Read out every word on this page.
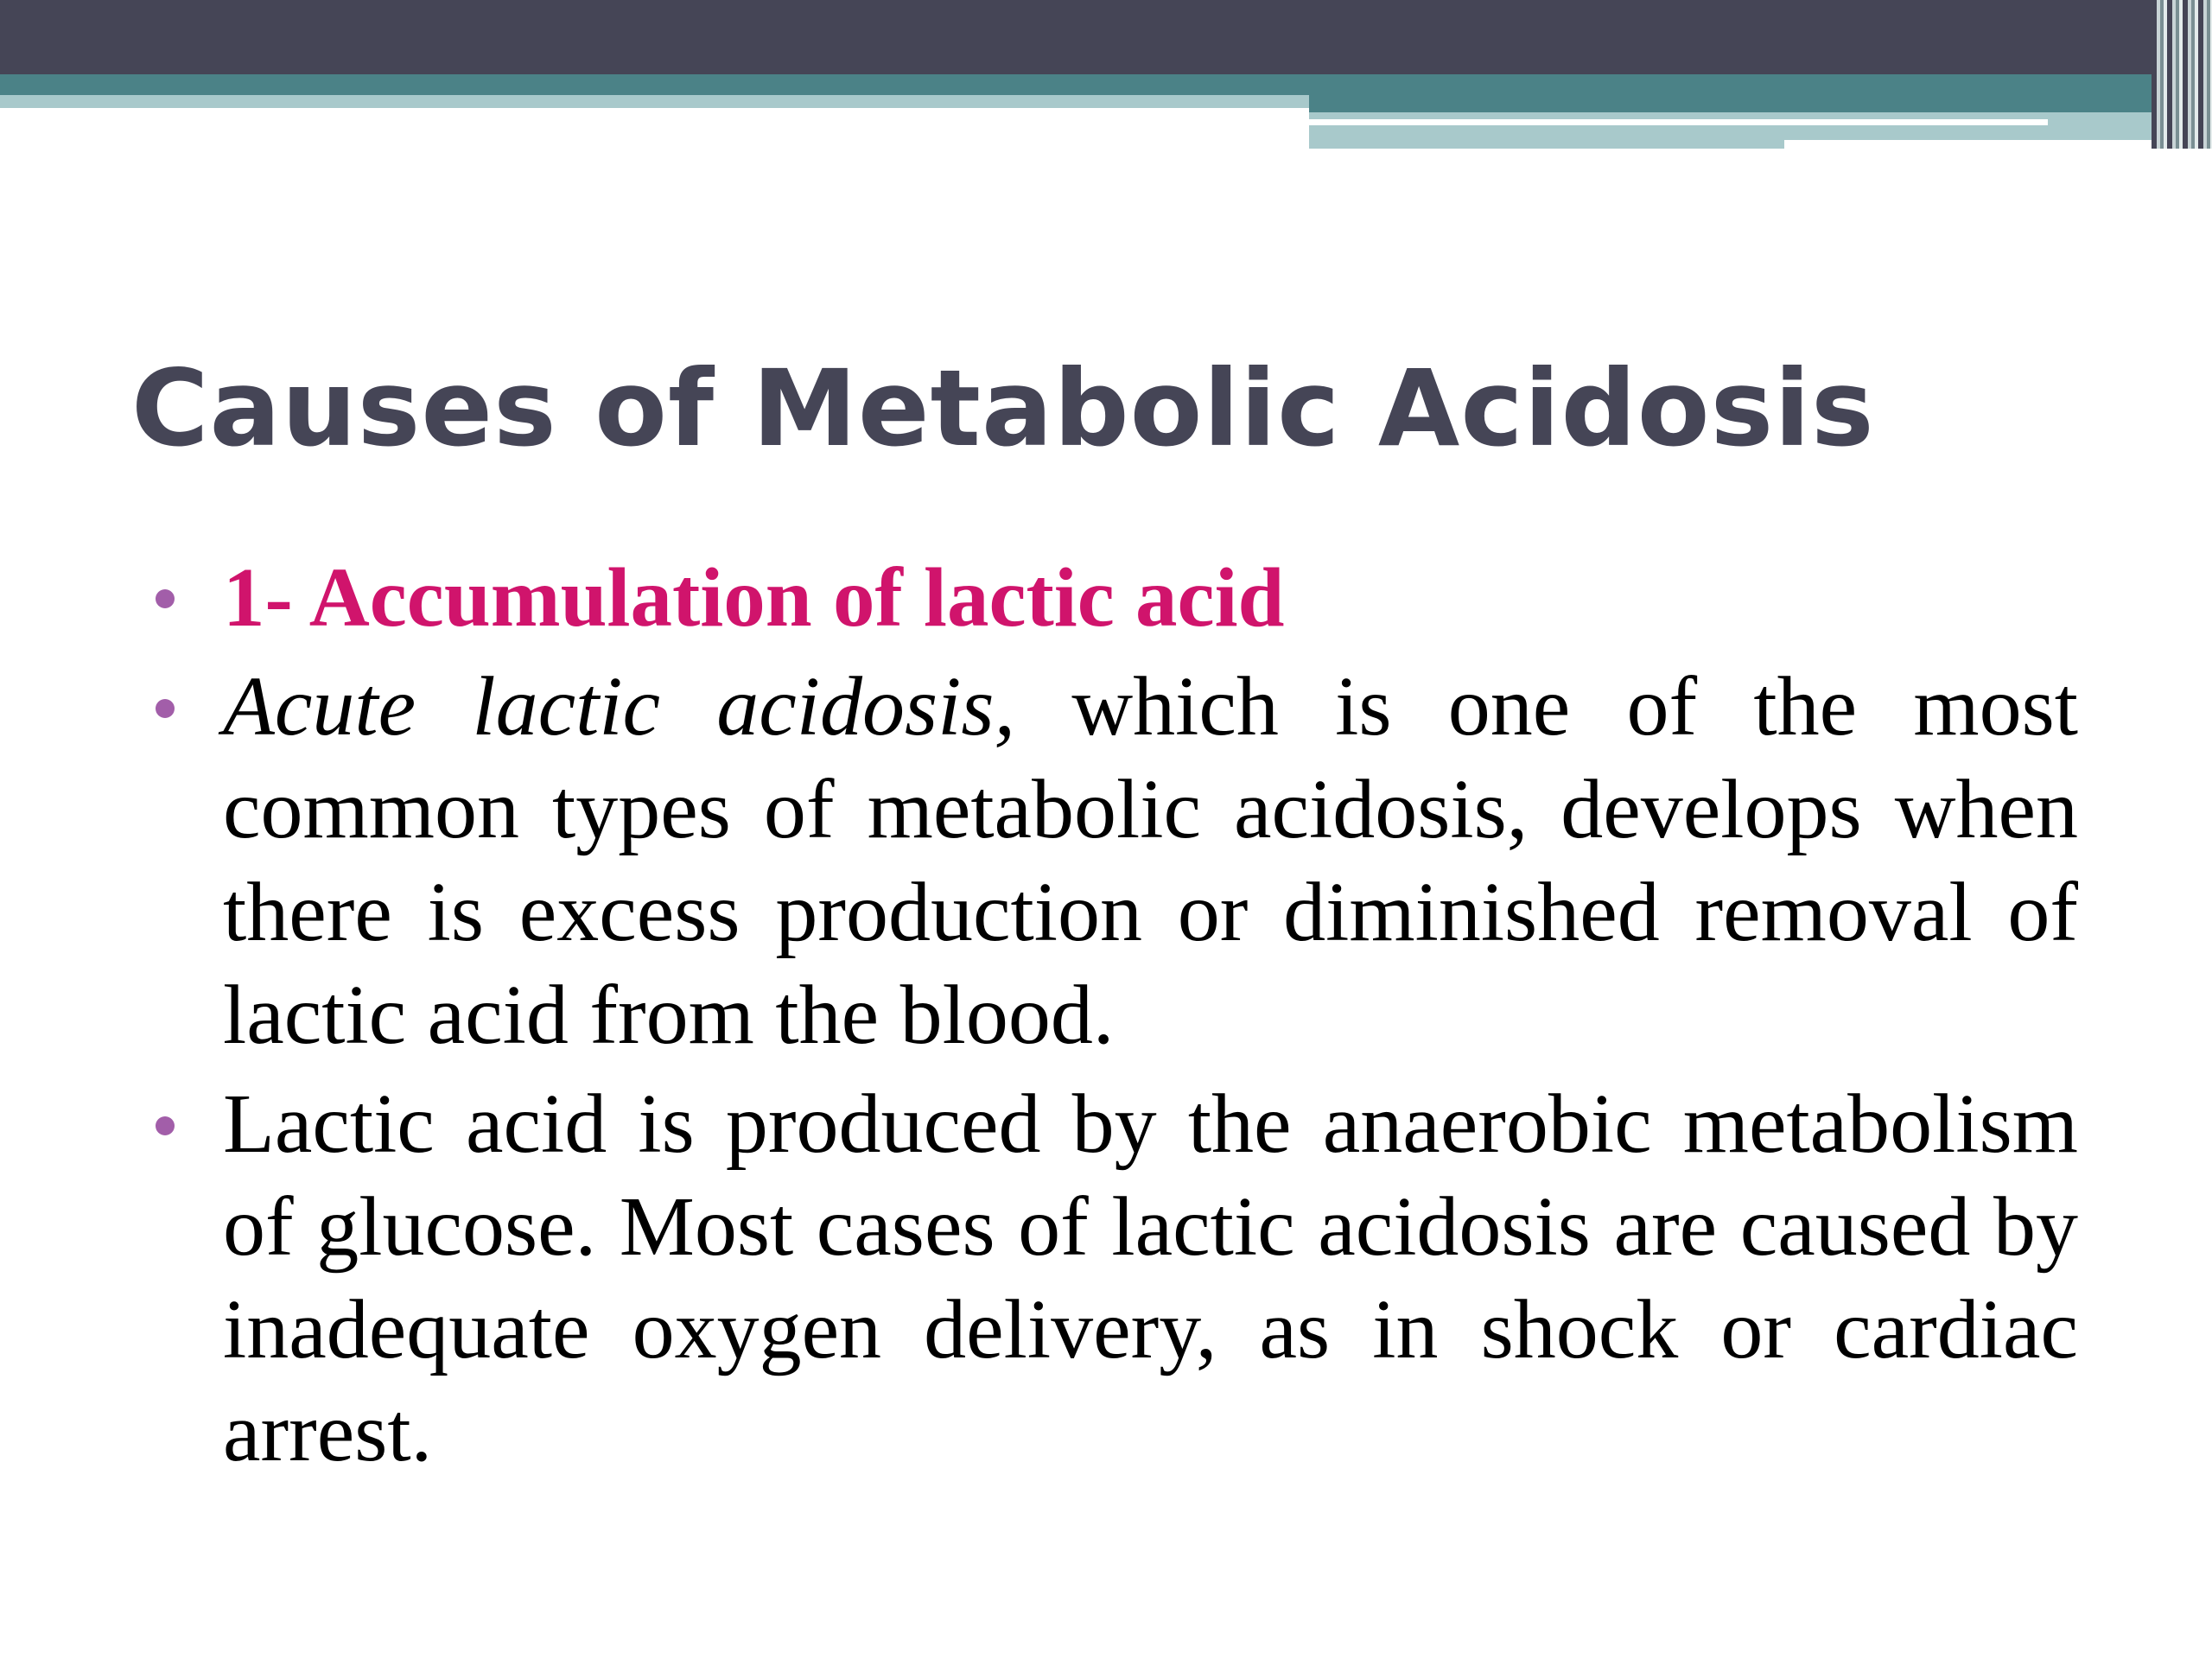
Causes of Metabolic Acidosis
1- Accumulation of lactic acid
Acute lactic acidosis, which is one of the most common types of metabolic acidosis, develops when there is excess production or diminished removal of lactic acid from the blood.
Lactic acid is produced by the anaerobic metabolism of glucose. Most cases of lactic acidosis are caused by inadequate oxygen delivery, as in shock or cardiac arrest.
